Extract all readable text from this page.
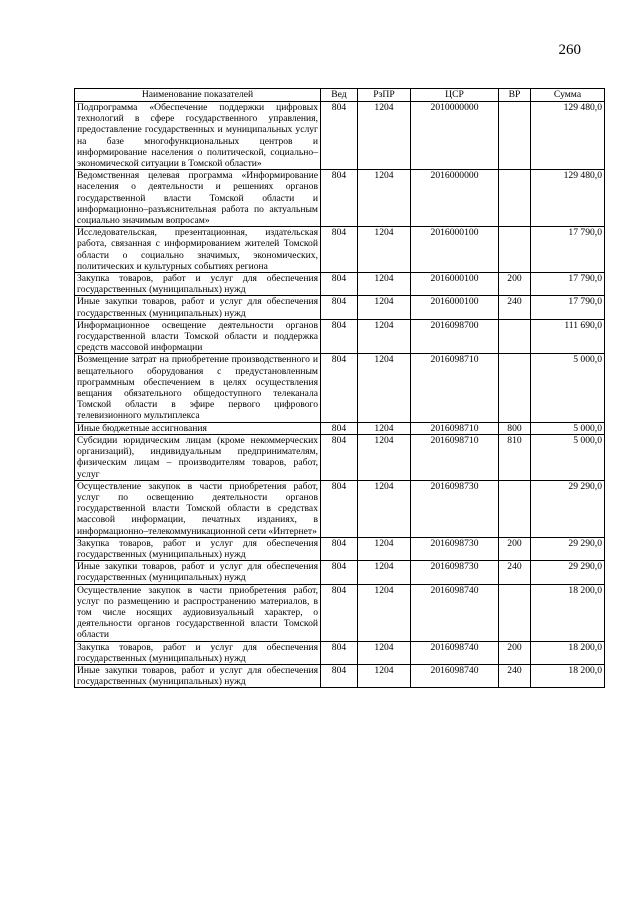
260
Наименование показателей	Вед	РзПР	ЦСР	ВР	Сумма
Подпрограмма «Обеспечение поддержки цифровых технологий в сфере государственного управления, предоставление государственных и муниципальных услуг на базе многофункциональных центров и информирование населения о политической, социально–экономической ситуации в Томской области»	804	1204	2010000000		129 480,0
Ведомственная целевая программа «Информирование населения о деятельности и решениях органов государственной власти Томской области и информационно–разъяснительная работа по актуальным социально значимым вопросам»	804	1204	2016000000		129 480,0
Исследовательская, презентационная, издательская работа, связанная с информированием жителей Томской области о социально значимых, экономических, политических и культурных событиях региона	804	1204	2016000100		17 790,0
Закупка товаров, работ и услуг для обеспечения государственных (муниципальных) нужд	804	1204	2016000100	200	17 790,0
Иные закупки товаров, работ и услуг для обеспечения государственных (муниципальных) нужд	804	1204	2016000100	240	17 790,0
Информационное освещение деятельности органов государственной власти Томской области и поддержка средств массовой информации	804	1204	2016098700		111 690,0
Возмещение затрат на приобретение производственного и вещательного оборудования с предустановленным программным обеспечением в целях осуществления вещания обязательного общедоступного телеканала Томской области в эфире первого цифрового телевизионного мультиплекса	804	1204	2016098710		5 000,0
Иные бюджетные ассигнования	804	1204	2016098710	800	5 000,0
Субсидии юридическим лицам (кроме некоммерческих организаций), индивидуальным предпринимателям, физическим лицам – производителям товаров, работ, услуг	804	1204	2016098710	810	5 000,0
Осуществление закупок в части приобретения работ, услуг по освещению деятельности органов государственной власти Томской области в средствах массовой информации, печатных изданиях, в информационно–телекоммуникационной сети «Интернет»	804	1204	2016098730		29 290,0
Закупка товаров, работ и услуг для обеспечения государственных (муниципальных) нужд	804	1204	2016098730	200	29 290,0
Иные закупки товаров, работ и услуг для обеспечения государственных (муниципальных) нужд	804	1204	2016098730	240	29 290,0
Осуществление закупок в части приобретения работ, услуг по размещению и распространению материалов, в том числе носящих аудиовизуальный характер, о деятельности органов государственной власти Томской области	804	1204	2016098740		18 200,0
Закупка товаров, работ и услуг для обеспечения государственных (муниципальных) нужд	804	1204	2016098740	200	18 200,0
Иные закупки товаров, работ и услуг для обеспечения государственных (муниципальных) нужд	804	1204	2016098740	240	18 200,0
